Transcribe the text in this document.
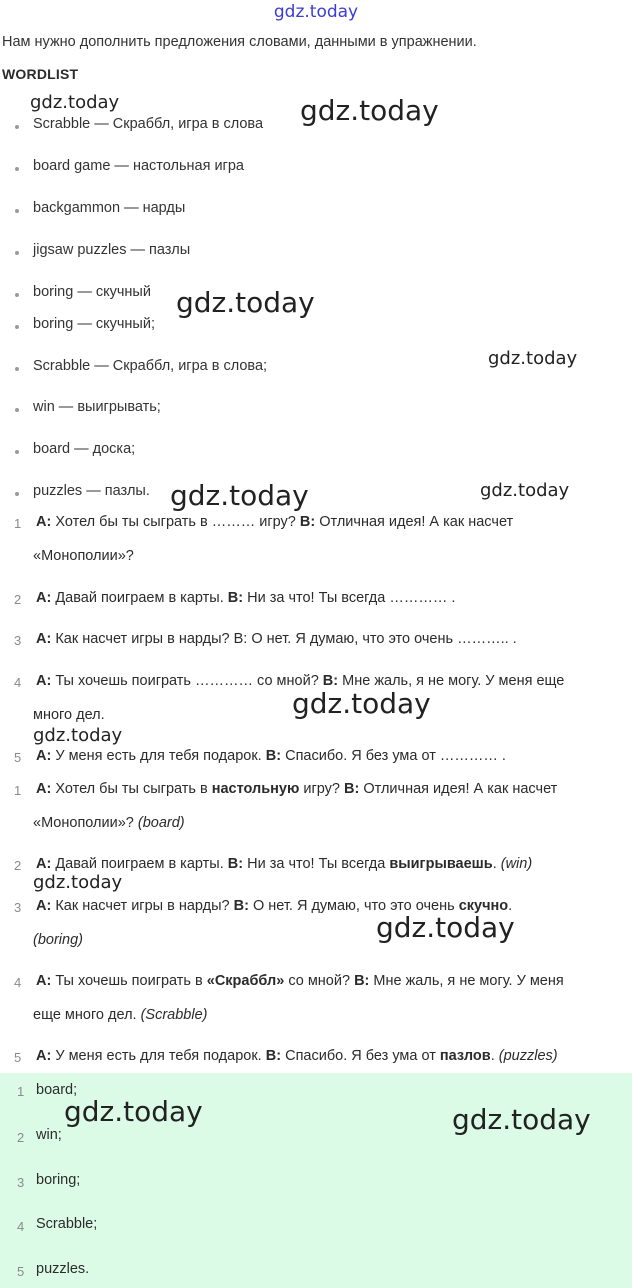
gdz.today
Нам нужно дополнить предложения словами, данными в упражнении.
WORDLIST
Scrabble — Скраббл, игра в слова
board game — настольная игра
backgammon — нарды
jigsaw puzzles — пазлы
boring — скучный
boring — скучный;
Scrabble — Скраббл, игра в слова;
win — выигрывать;
board — доска;
puzzles — пазлы.
1 A: Хотел бы ты сыграть в ……… игру? B: Отличная идея! А как насчет
«Монополии»?
2 A: Давай поиграем в карты. B: Ни за что! Ты всегда ………… .
3 A: Как насчет игры в нарды? B: О нет. Я думаю, что это очень ……….. .
4 A: Ты хочешь поиграть ………… со мной? B: Мне жаль, я не могу. У меня еще
много дел.
5 A: У меня есть для тебя подарок. B: Спасибо. Я без ума от ………… .
1 A: Хотел бы ты сыграть в настольную игру? B: Отличная идея! А как насчет
«Монополии»? (board)
2 A: Давай поиграем в карты. B: Ни за что! Ты всегда выигрываешь. (win)
3 A: Как насчет игры в нарды? B: О нет. Я думаю, что это очень скучно.
(boring)
4 A: Ты хочешь поиграть в «Скраббл» со мной? B: Мне жаль, я не могу. У меня
еще много дел. (Scrabble)
5 A: У меня есть для тебя подарок. B: Спасибо. Я без ума от пазлов. (puzzles)
1 board;
2 win;
3 boring;
4 Scrabble;
5 puzzles.
gdz.today	gdz.today
gdz.today
gdz.today
gdz.today	gdz.today
gdz.today
gdz.today
gdz.today
gdz.today
gdz.today	gdz.today
